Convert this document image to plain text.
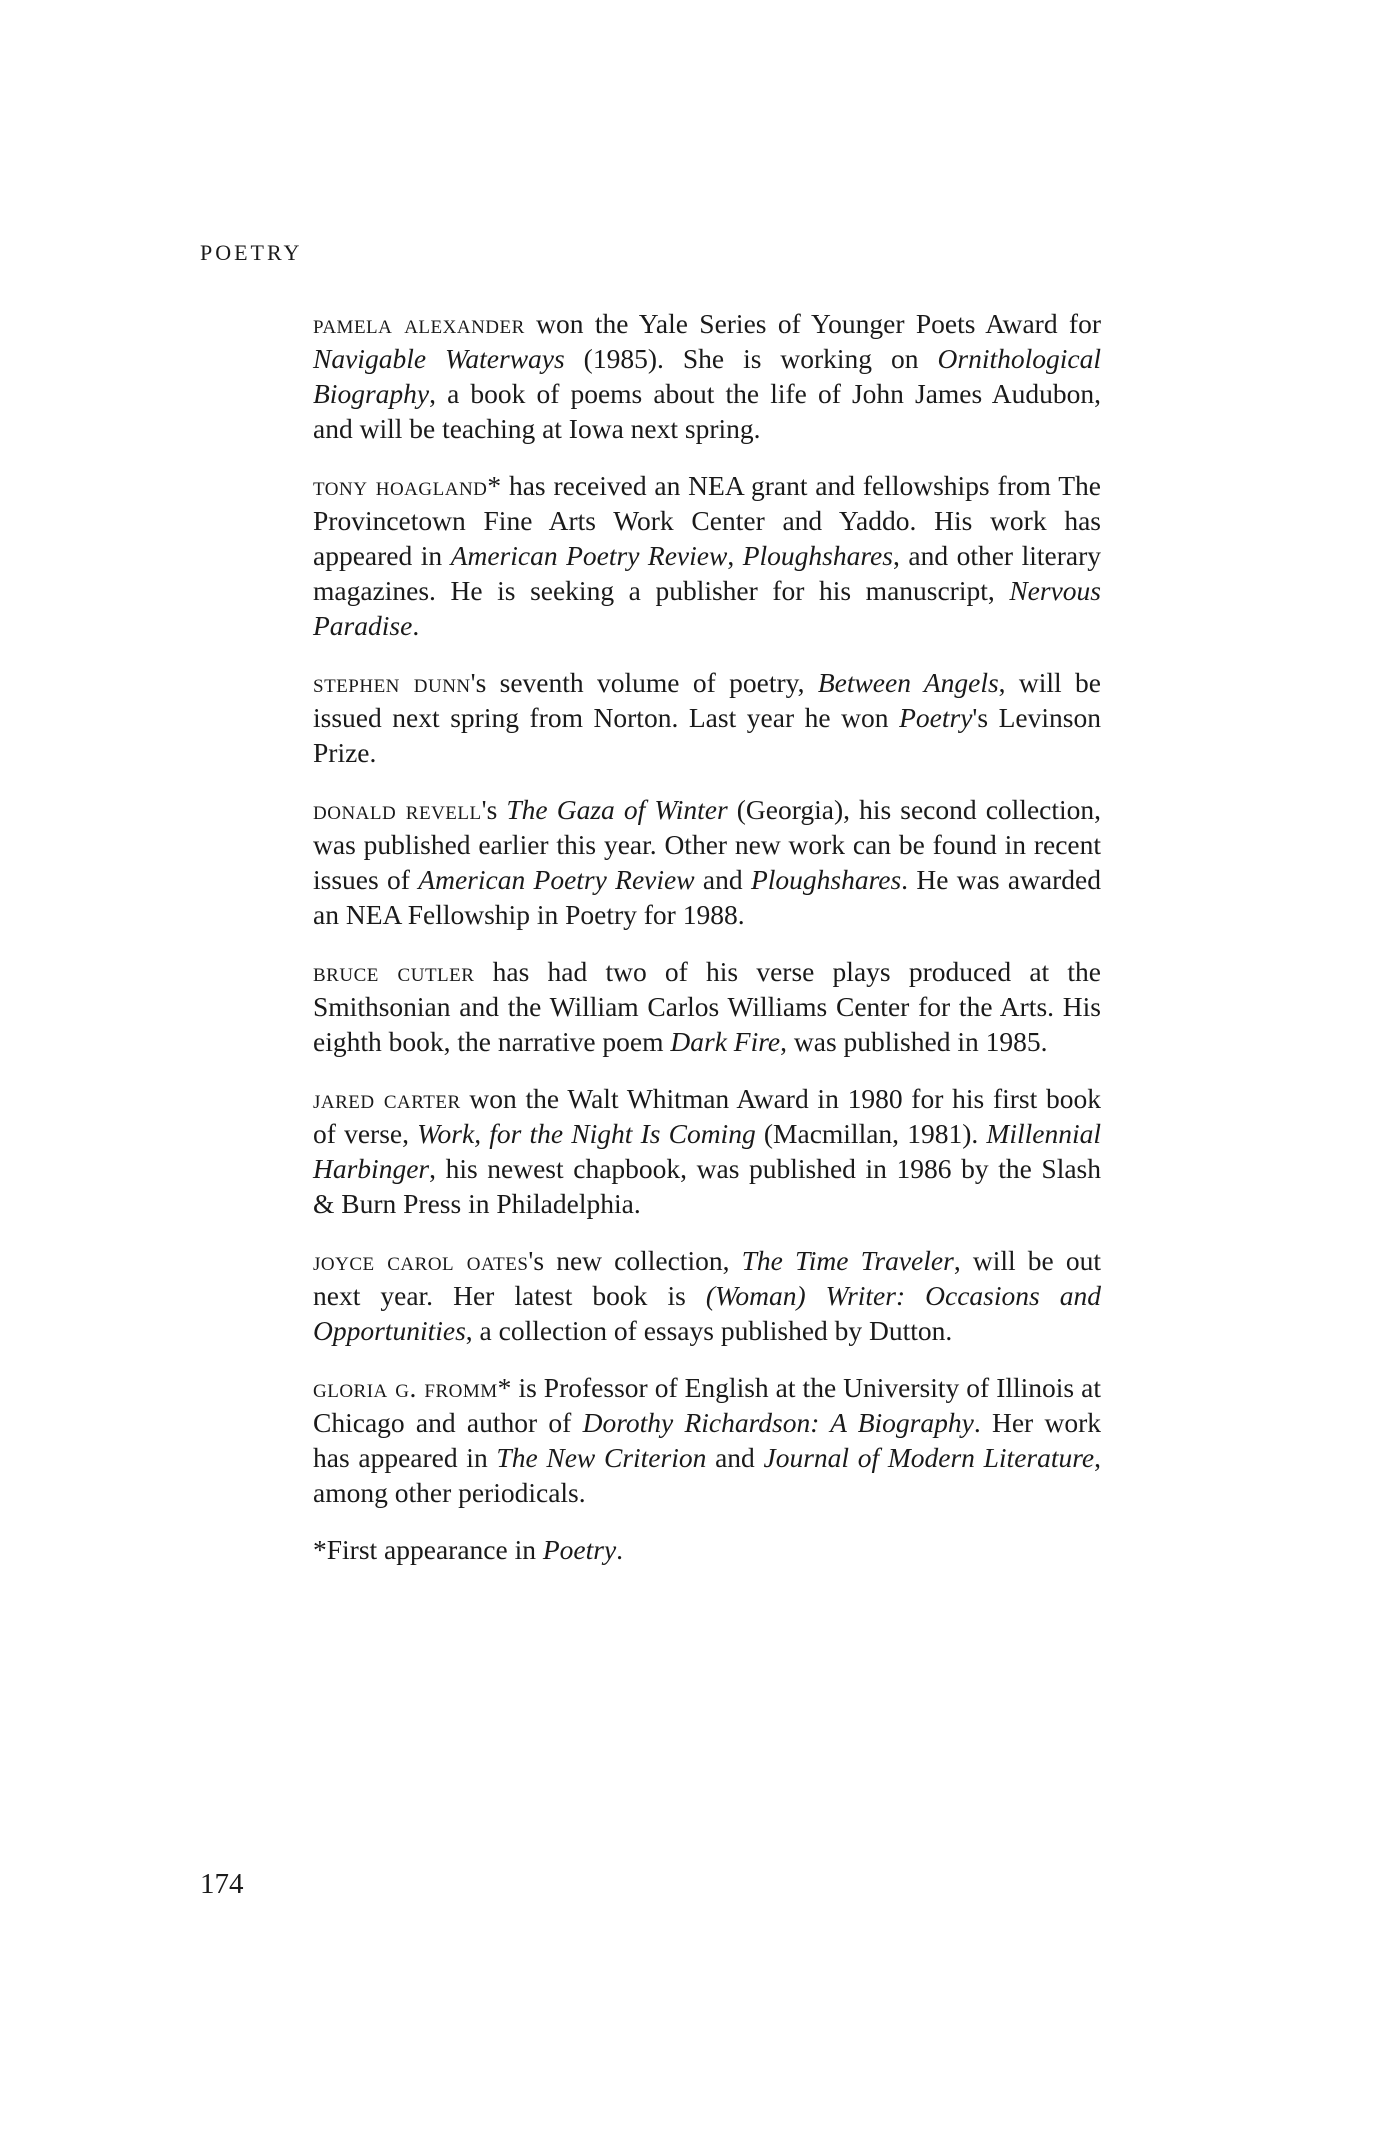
POETRY

pamela alexander won the Yale Series of Younger Poets Award for Navigable Waterways (1985). She is working on Ornithological Biography, a book of poems about the life of John James Audubon, and will be teaching at Iowa next spring.

tony hoagland* has received an NEA grant and fellowships from The Provincetown Fine Arts Work Center and Yaddo. His work has appeared in American Poetry Review, Ploughshares, and other literary magazines. He is seeking a publisher for his manuscript, Nervous Paradise.

stephen dunn's seventh volume of poetry, Between Angels, will be issued next spring from Norton. Last year he won Poetry's Levinson Prize.

donald revell's The Gaza of Winter (Georgia), his second collection, was published earlier this year. Other new work can be found in recent issues of American Poetry Review and Ploughshares. He was awarded an NEA Fellowship in Poetry for 1988.

bruce cutler has had two of his verse plays produced at the Smithsonian and the William Carlos Williams Center for the Arts. His eighth book, the narrative poem Dark Fire, was published in 1985.

jared carter won the Walt Whitman Award in 1980 for his first book of verse, Work, for the Night Is Coming (Macmillan, 1981). Millennial Harbinger, his newest chapbook, was published in 1986 by the Slash & Burn Press in Philadelphia.

joyce carol oates's new collection, The Time Traveler, will be out next year. Her latest book is (Woman) Writer: Occasions and Opportunities, a collection of essays published by Dutton.

gloria g. fromm* is Professor of English at the University of Illinois at Chicago and author of Dorothy Richardson: A Biography. Her work has appeared in The New Criterion and Journal of Modern Literature, among other periodicals.

*First appearance in Poetry.

174
